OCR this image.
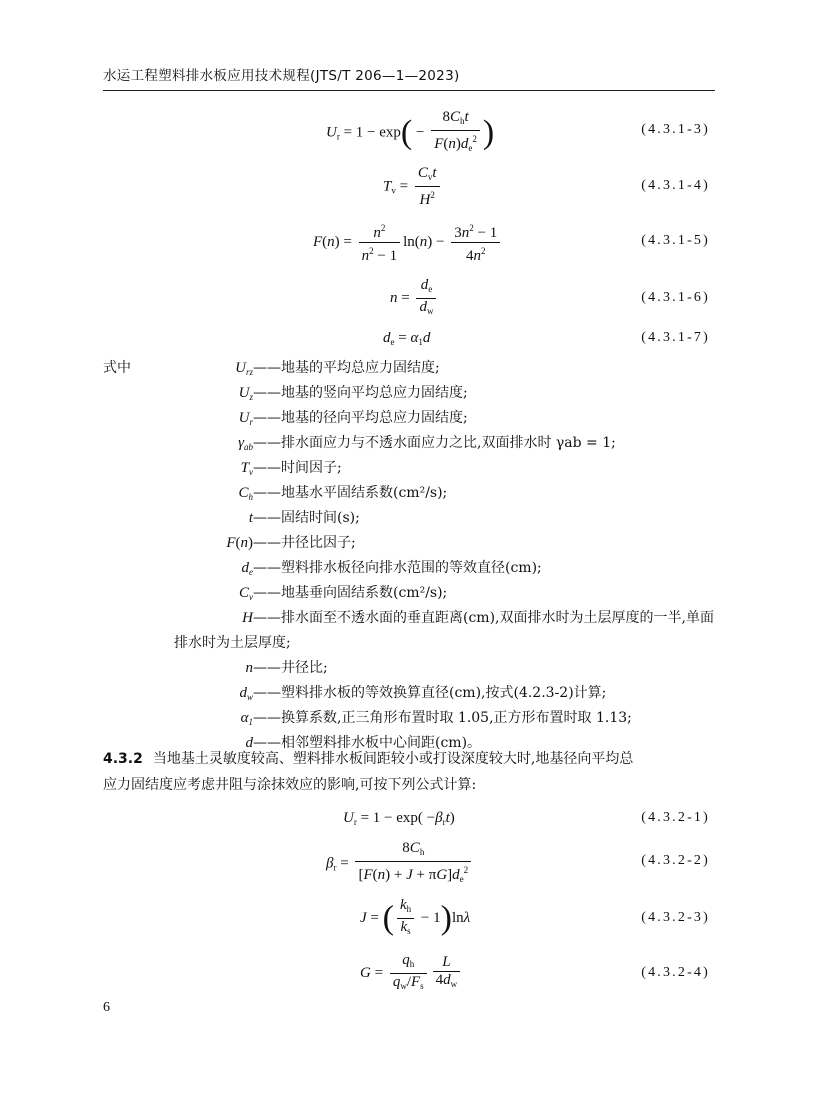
水运工程塑料排水板应用技术规程(JTS/T 206—1—2023)
$U_r = 1 - \exp( - \frac{8C_ht}{F(n)d_e^2}$ )	(4.3.1-3)
$T_v = \frac{C_vt}{H^2}$	(4.3.1-4)
$F(n) = \frac{n^2}{n^2 - 1} \ln(n) - \frac{3n^2 - 1}{4n^2}$	(4.3.1-5)
$n = \frac{d_e}{d_w}$	(4.3.1-6)
$d_e = \alpha_1d$	(4.3.1-7)
式中	$U_{rz}$ ——地基的平均总应力固结度;
$U_z$ ——地基的竖向平均总应力固结度;
$U_r$ ——地基的径向平均总应力固结度;
$\gamma_{ab}$ ——排水面应力与不透水面应力之比,双面排水时 γab = 1;
$T_v$ ——时间因子;
$C_h$ ——地基水平固结系数(cm²/s);
t ——固结时间(s);
F(n) ——井径比因子;
$d_e$ ——塑料排水板径向排水范围的等效直径(cm);
$C_v$ ——地基垂向固结系数(cm²/s);
H ——排水面至不透水面的垂直距离(cm),双面排水时为土层厚度的一半,单面
排水时为土层厚度;
n ——井径比;
$d_w$ ——塑料排水板的等效换算直径(cm),按式(4.2.3-2)计算;
$\alpha_1$ ——换算系数,正三角形布置时取 1.05,正方形布置时取 1.13;
d ——相邻塑料排水板中心间距(cm)。
4.3.2 当地基土灵敏度较高、塑料排水板间距较小或打设深度较大时,地基径向平均总
应力固结度应考虑井阻与涂抹效应的影响,可按下列公式计算:
$U_r = 1 - \exp( -\beta_rt)$	(4.3.2-1)
$\beta_r = \frac{8C_h}{[F(n) + J + \pi G]d_e^2}$	(4.3.2-2)
J = ( $\frac{k_h}{k_s} - 1)\ln\lambda$	(4.3.2-3)
$G = \frac{q_h}{q_w/F_s} \frac{L}{4d_w}$	(4.3.2-4)
6
